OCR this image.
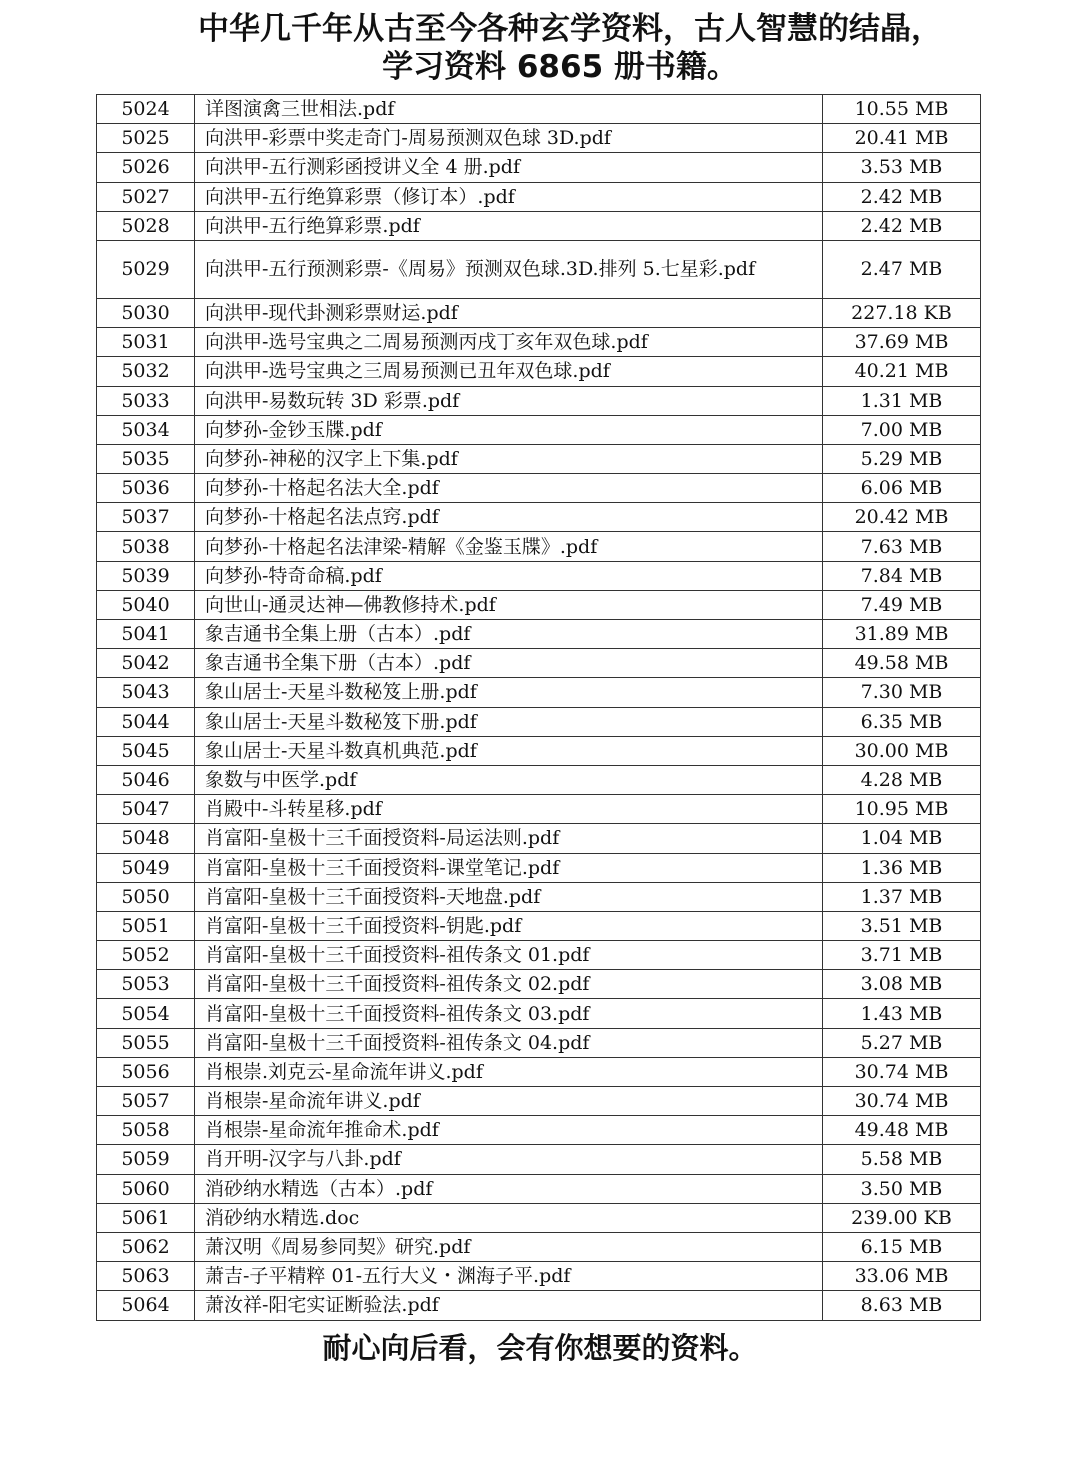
中华几千年从古至今各种玄学资料，古人智慧的结晶，
学习资料 6865 册书籍。
5024	详图演禽三世相法.pdf	10.55 MB
5025	向洪甲-彩票中奖走奇门-周易预测双色球 3D.pdf	20.41 MB
5026	向洪甲-五行测彩函授讲义全 4 册.pdf	3.53 MB
5027	向洪甲-五行绝算彩票（修订本）.pdf	2.42 MB
5028	向洪甲-五行绝算彩票.pdf	2.42 MB
5029	向洪甲-五行预测彩票-《周易》预测双色球.3D.排列 5.七星彩.pdf	2.47 MB
5030	向洪甲-现代卦测彩票财运.pdf	227.18 KB
5031	向洪甲-选号宝典之二周易预测丙戌丁亥年双色球.pdf	37.69 MB
5032	向洪甲-选号宝典之三周易预测已丑年双色球.pdf	40.21 MB
5033	向洪甲-易数玩转 3D 彩票.pdf	1.31 MB
5034	向梦孙-金钞玉牒.pdf	7.00 MB
5035	向梦孙-神秘的汉字上下集.pdf	5.29 MB
5036	向梦孙-十格起名法大全.pdf	6.06 MB
5037	向梦孙-十格起名法点窍.pdf	20.42 MB
5038	向梦孙-十格起名法津梁-精解《金鉴玉牒》.pdf	7.63 MB
5039	向梦孙-特奇命稿.pdf	7.84 MB
5040	向世山-通灵达神—佛教修持术.pdf	7.49 MB
5041	象吉通书全集上册（古本）.pdf	31.89 MB
5042	象吉通书全集下册（古本）.pdf	49.58 MB
5043	象山居士-天星斗数秘笈上册.pdf	7.30 MB
5044	象山居士-天星斗数秘笈下册.pdf	6.35 MB
5045	象山居士-天星斗数真机典范.pdf	30.00 MB
5046	象数与中医学.pdf	4.28 MB
5047	肖殿中-斗转星移.pdf	10.95 MB
5048	肖富阳-皇极十三千面授资料-局运法则.pdf	1.04 MB
5049	肖富阳-皇极十三千面授资料-课堂笔记.pdf	1.36 MB
5050	肖富阳-皇极十三千面授资料-天地盘.pdf	1.37 MB
5051	肖富阳-皇极十三千面授资料-钥匙.pdf	3.51 MB
5052	肖富阳-皇极十三千面授资料-祖传条文 01.pdf	3.71 MB
5053	肖富阳-皇极十三千面授资料-祖传条文 02.pdf	3.08 MB
5054	肖富阳-皇极十三千面授资料-祖传条文 03.pdf	1.43 MB
5055	肖富阳-皇极十三千面授资料-祖传条文 04.pdf	5.27 MB
5056	肖根崇.刘克云-星命流年讲义.pdf	30.74 MB
5057	肖根崇-星命流年讲义.pdf	30.74 MB
5058	肖根崇-星命流年推命术.pdf	49.48 MB
5059	肖开明-汉字与八卦.pdf	5.58 MB
5060	消砂纳水精选（古本）.pdf	3.50 MB
5061	消砂纳水精选.doc	239.00 KB
5062	萧汉明《周易参同契》研究.pdf	6.15 MB
5063	萧吉-子平精粹 01-五行大义・渊海子平.pdf	33.06 MB
5064	萧汝祥-阳宅实证断验法.pdf	8.63 MB
耐心向后看，会有你想要的资料。
